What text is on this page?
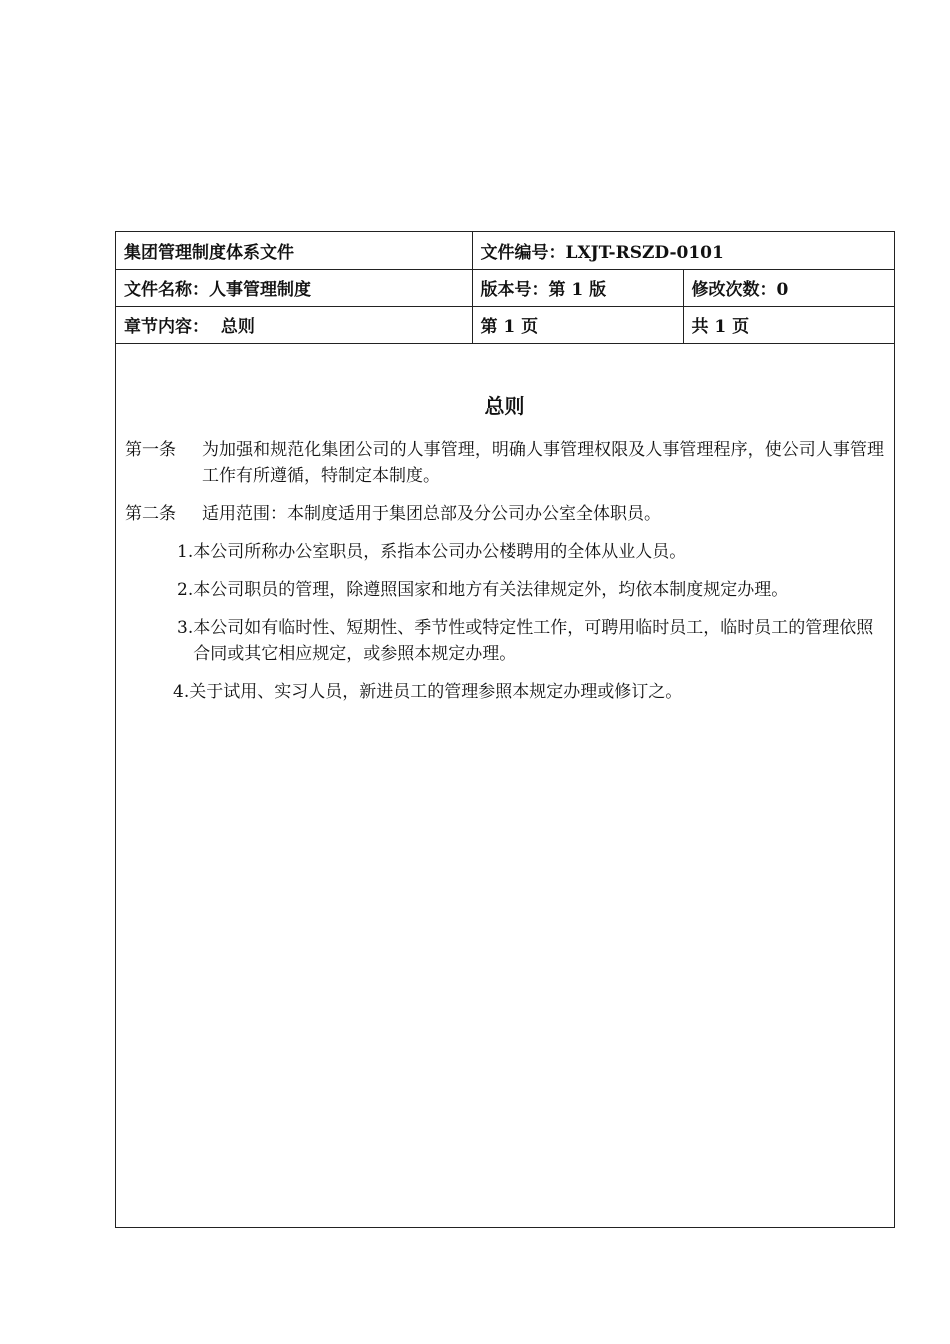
集团管理制度体系文件	文件编号：LXJT-RSZD-0101	
文件名称：人事管理制度	版本号：第 1 版	修改次数：0
章节内容： 总则	第 1 页	共 1 页
总则
第一条	为加强和规范化集团公司的人事管理，明确人事管理权限及人事管理程序，使公司人事管理工作有所遵循，特制定本制度。
第二条	适用范围：本制度适用于集团总部及分公司办公室全体职员。
1. 本公司所称办公室职员，系指本公司办公楼聘用的全体从业人员。
2. 本公司职员的管理，除遵照国家和地方有关法律规定外，均依本制度规定办理。
3. 本公司如有临时性、短期性、季节性或特定性工作，可聘用临时员工，临时员工的管理依照合同或其它相应规定，或参照本规定办理。
4. 关于试用、实习人员，新进员工的管理参照本规定办理或修订之。
